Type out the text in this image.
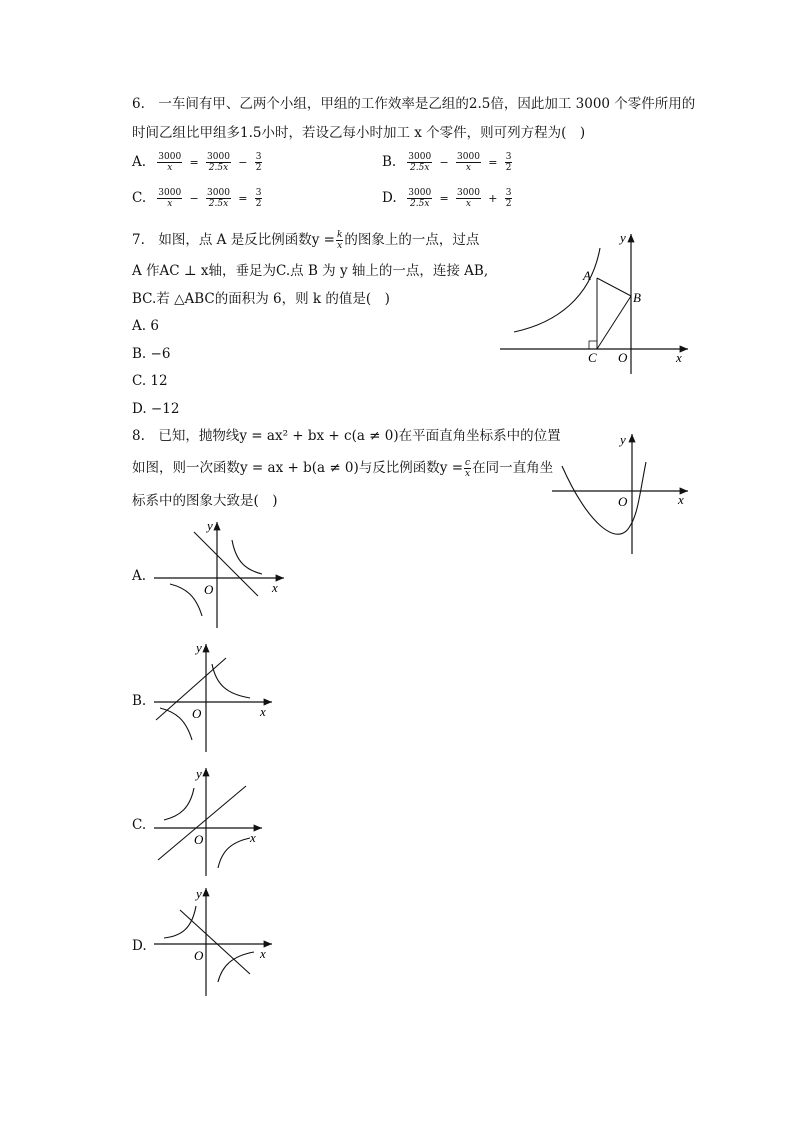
6.　一车间有甲、乙两个小组，甲组的工作效率是乙组的2.5倍，因此加工 3000 个零件所用的
时间乙组比甲组多1.5小时，若设乙每小时加工 x 个零件，则可列方程为(　)
A. $\frac{3000}{x} = \frac{3000}{2.5x} - \frac{3}{2}$	B. $\frac{3000}{2.5x} - \frac{3000}{x} = \frac{3}{2}$
C. $\frac{3000}{x} - \frac{3000}{2.5x} = \frac{3}{2}$	D. $\frac{3000}{2.5x} = \frac{3000}{x} + \frac{3}{2}$
7.　如图，点 A 是反比例函数$y = \frac{k}{x}$ 的图象上的一点，过点
A 作AC ⊥ x轴，垂足为C.点 B 为 y 轴上的一点，连接 AB,
BC.若 △ABC的面积为 6，则 k 的值是(　)
A. 6
B. −6
C. 12
D. −12
y
x
A
B
C O
8.　已知，抛物线y = ax² + bx + c(a ≠ 0)在平面直角坐标系中的位置
如图，则一次函数y = ax + b(a ≠ 0)与反比例函数$y = \frac{c}{x}$ 在同一直角坐
标系中的图象大致是(　)
y
x
O
A.
y
x
O
B.
y
x
O
C.
y
x
O
D.
y
x
O
